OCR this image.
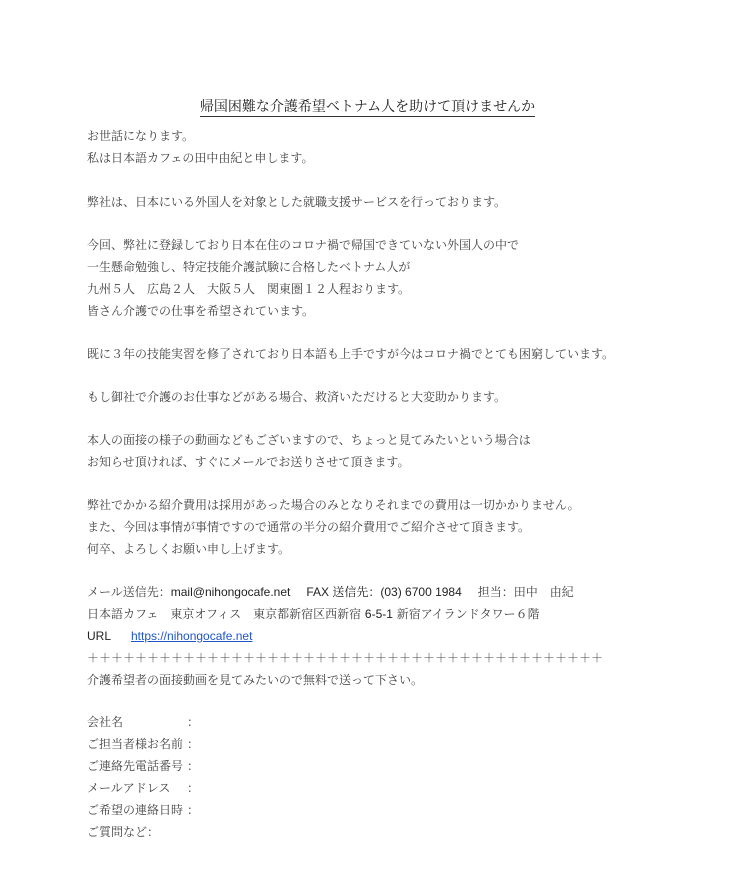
帰国困難な介護希望ベトナム人を助けて頂けませんか
お世話になります。
私は日本語カフェの田中由紀と申します。
弊社は、日本にいる外国人を対象とした就職支援サービスを行っております。
今回、弊社に登録しており日本在住のコロナ禍で帰国できていない外国人の中で
一生懸命勉強し、特定技能介護試験に合格したベトナム人が
九州５人　広島２人　大阪５人　関東圏１２人程おります。
皆さん介護での仕事を希望されています。
既に３年の技能実習を修了されており日本語も上手ですが今はコロナ禍でとても困窮しています。
もし御社で介護のお仕事などがある場合、救済いただけると大変助かります。
本人の面接の様子の動画などもございますので、ちょっと見てみたいという場合は
お知らせ頂ければ、すぐにメールでお送りさせて頂きます。
弊社でかかる紹介費用は採用があった場合のみとなりそれまでの費用は一切かかりません。
また、今回は事情が事情ですので通常の半分の紹介費用でご紹介させて頂きます。
何卒、よろしくお願い申し上げます。
メール送信先：mail@nihongocafe.net FAX 送信先：(03) 6700 1984 担当：田中　由紀
日本語カフェ　東京オフィス　東京都新宿区西新宿 6-5-1 新宿アイランドタワー６階
URL https://nihongocafe.net
＋＋＋＋＋＋＋＋＋＋＋＋＋＋＋＋＋＋＋＋＋＋＋＋＋＋＋＋＋＋＋＋＋＋＋＋＋＋＋＋＋＋＋
介護希望者の面接動画を見てみたいので無料で送って下さい。
会社名	：
ご担当者様お名前 ：
ご連絡先電話番号 ：
メールアドレス ：
ご希望の連絡日時 ：
ご質問など：
